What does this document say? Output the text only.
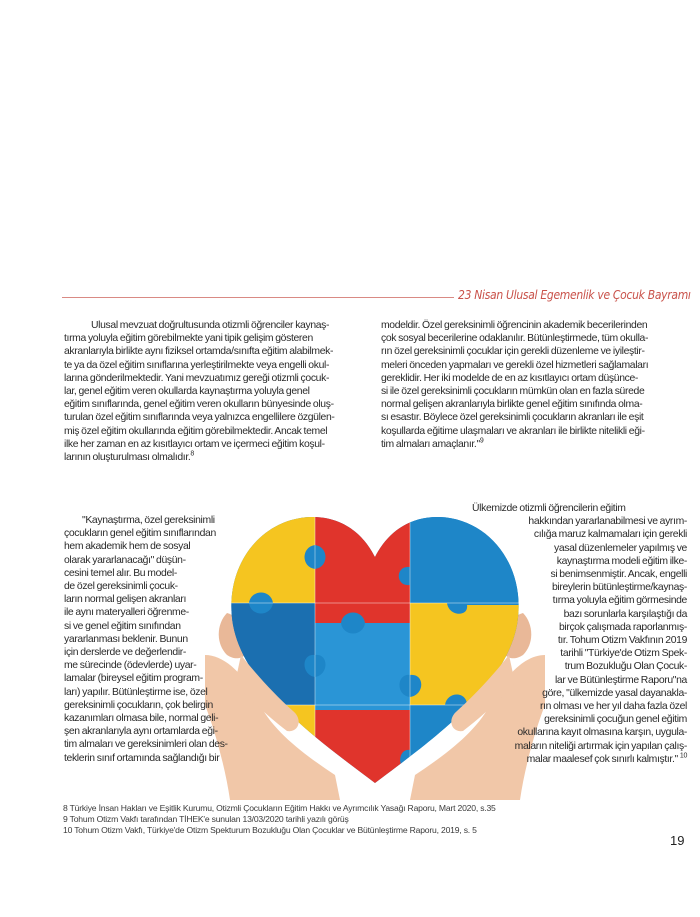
23 Nisan Ulusal Egemenlik ve Çocuk Bayramı
Ulusal mevzuat doğrultusunda otizmli öğrenciler kaynaş-
tırma yoluyla eğitim görebilmekte yani tipik gelişim gösteren
akranlarıyla birlikte aynı fiziksel ortamda/sınıfta eğitim alabilmek-
te ya da özel eğitim sınıflarına yerleştirilmekte veya engelli okul-
larına gönderilmektedir. Yani mevzuatımız gereği otizmli çocuk-
lar, genel eğitim veren okullarda kaynaştırma yoluyla genel
eğitim sınıflarında, genel eğitim veren okulların bünyesinde oluş-
turulan özel eğitim sınıflarında veya yalnızca engellilere özgülen-
miş özel eğitim okullarında eğitim görebilmektedir. Ancak temel
ilke her zaman en az kısıtlayıcı ortam ve içermeci eğitim koşul-
larının oluşturulması olmalıdır.$^8$
modeldir. Özel gereksinimli öğrencinin akademik becerilerinden
çok sosyal becerilerine odaklanılır. Bütünleştirmede, tüm okulla-
rın özel gereksinimli çocuklar için gerekli düzenleme ve iyileştir-
meleri önceden yapmaları ve gerekli özel hizmetleri sağlamaları
gereklidir. Her iki modelde de en az kısıtlayıcı ortam düşünce-
si ile özel gereksinimli çocukların mümkün olan en fazla sürede
normal gelişen akranlarıyla birlikte genel eğitim sınıfında olma-
sı esastır. Böylece özel gereksinimli çocukların akranları ile eşit
koşullarda eğitime ulaşmaları ve akranları ile birlikte nitelikli eği-
tim almaları amaçlanır."$^9$
"Kaynaştırma, özel gereksinimli
çocukların genel eğitim sınıflarından
hem akademik hem de sosyal
olarak yararlanacağı" düşün-
cesini temel alır. Bu model-
de özel gereksinimli çocuk-
ların normal gelişen akranları
ile aynı materyalleri öğrenme-
si ve genel eğitim sınıfından
yararlanması beklenir. Bunun
için derslerde ve değerlendir-
me sürecinde (ödevlerde) uyar-
lamalar (bireysel eğitim program-
ları) yapılır. Bütünleştirme ise, özel
gereksinimli çocukların, çok belirgin
kazanımları olmasa bile, normal geli-
şen akranlarıyla aynı ortamlarda eği-
tim almaları ve gereksinimleri olan des-
teklerin sınıf ortamında sağlandığı bir
Ülkemizde otizmli öğrencilerin eğitim
hakkından yararlanabilmesi ve ayrım-
cılığa maruz kalmamaları için gerekli
yasal düzenlemeler yapılmış ve
kaynaştırma modeli eğitim ilke-
si benimsenmiştir. Ancak, engelli
bireylerin bütünleştirme/kaynaş-
tırma yoluyla eğitim görmesinde
bazı sorunlarla karşılaştığı da
birçok çalışmada raporlanmış-
tır. Tohum Otizm Vakfının 2019
tarihli "Türkiye'de Otizm Spek-
trum Bozukluğu Olan Çocuk-
lar ve Bütünleştirme Raporu"na
göre, "ülkemizde yasal dayanakla-
rın olması ve her yıl daha fazla özel
gereksinimli çocuğun genel eğitim
okullarına kayıt olmasına karşın, uygula-
maların niteliği artırmak için yapılan çalış-
malar maalesef çok sınırlı kalmıştır." $^{10}$
8 Türkiye İnsan Hakları ve Eşitlik Kurumu, Otizmli Çocukların Eğitim Hakkı ve Ayrımcılık Yasağı Raporu, Mart 2020, s.35
9 Tohum Otizm Vakfı tarafından TİHEK'e sunulan 13/03/2020 tarihli yazılı görüş
10 Tohum Otizm Vakfı, Türkiye'de Otizm Spekturum Bozukluğu Olan Çocuklar ve Bütünleştirme Raporu, 2019, s. 5
19
